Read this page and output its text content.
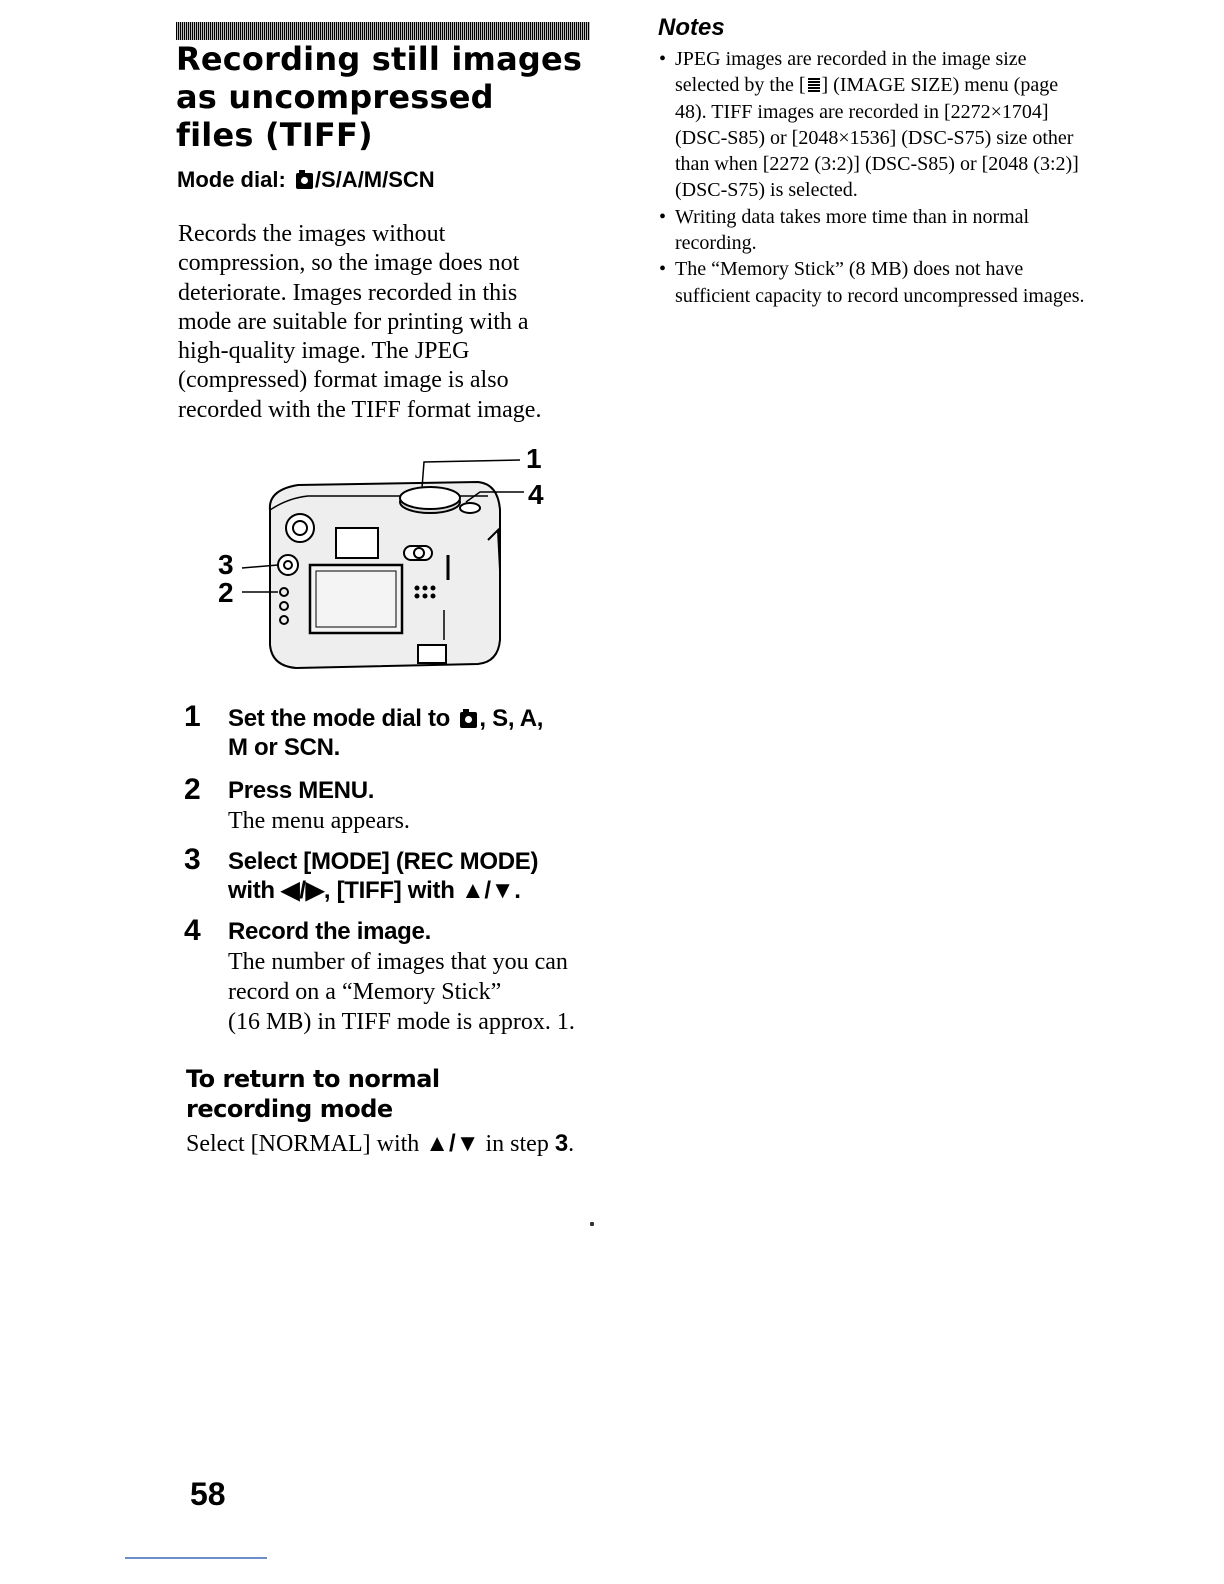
Recording still images
as uncompressed
files (TIFF)
Mode dial: /S/A/M/SCN
Records the images without
compression, so the image does not
deteriorate. Images recorded in this
mode are suitable for printing with a
high-quality image. The JPEG
(compressed) format image is also
recorded with the TIFF format image.
1
4
3
2
1 Set the mode dial to , S, A,
M or SCN.
2 Press MENU.
The menu appears.
3 Select [MODE] (REC MODE)
with ◀/▶, [TIFF] with ▲/▼.
4 Record the image.
The number of images that you can
record on a “Memory Stick”
(16 MB) in TIFF mode is approx. 1.
To return to normal
recording mode
Select [NORMAL] with ▲/▼ in step 3.
Notes
• JPEG images are recorded in the image size selected by the [ ] (IMAGE SIZE) menu (page 48). TIFF images are recorded in [2272×1704] (DSC-S85) or [2048×1536] (DSC-S75) size other than when [2272 (3:2)] (DSC-S85) or [2048 (3:2)] (DSC-S75) is selected.
• Writing data takes more time than in normal recording.
• The “Memory Stick” (8 MB) does not have sufficient capacity to record uncompressed images.
58
